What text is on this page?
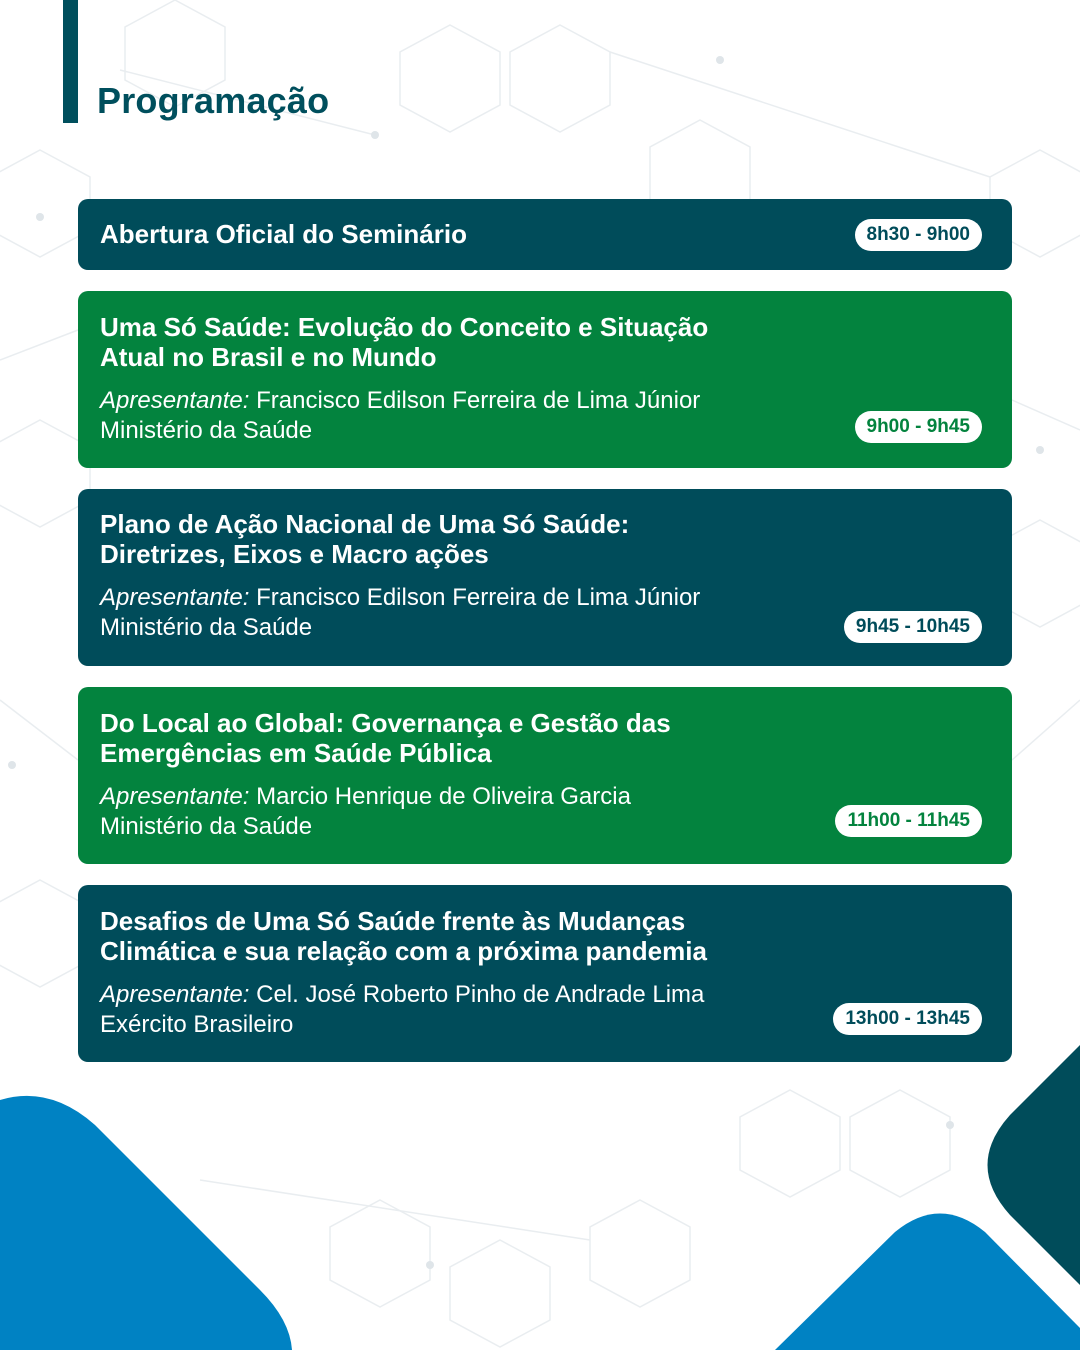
Programação
Abertura Oficial do Seminário	8h30 - 9h00
Uma Só Saúde: Evolução do Conceito e Situação
Atual no Brasil e no Mundo

Apresentante: Francisco Edilson Ferreira de Lima Júnior

Ministério da Saúde	9h00 - 9h45
Plano de Ação Nacional de Uma Só Saúde:
Diretrizes, Eixos e Macro ações

Apresentante: Francisco Edilson Ferreira de Lima Júnior

Ministério da Saúde	9h45 - 10h45
Do Local ao Global: Governança e Gestão das
Emergências em Saúde Pública

Apresentante: Marcio Henrique de Oliveira Garcia

Ministério da Saúde	11h00 - 11h45
Desafios de Uma Só Saúde frente às Mudanças
Climática e sua relação com a próxima pandemia

Apresentante: Cel. José Roberto Pinho de Andrade Lima

Exército Brasileiro	13h00 - 13h45
